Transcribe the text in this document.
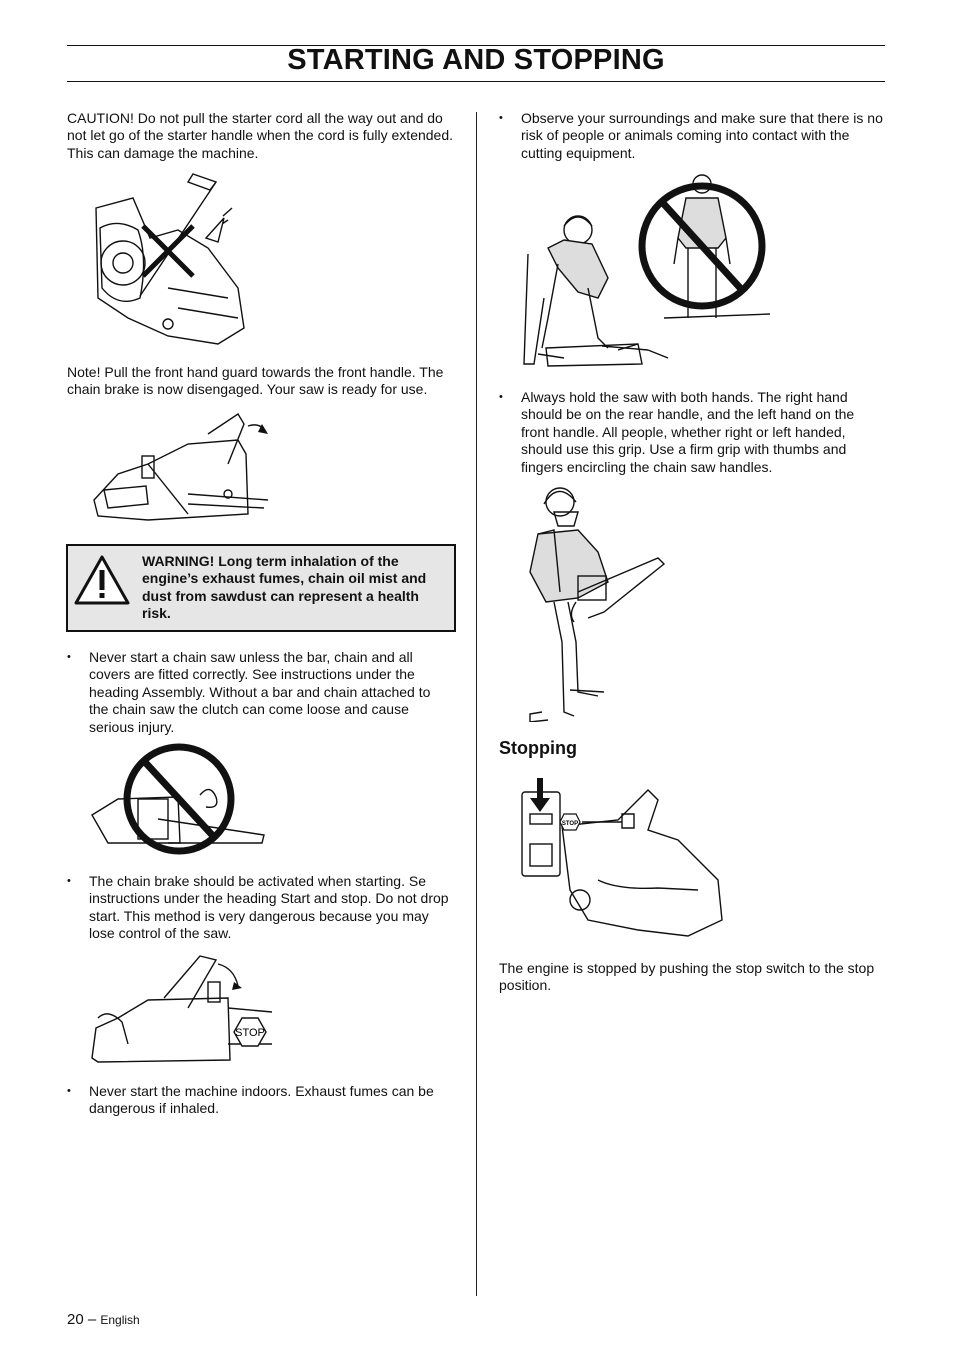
STARTING AND STOPPING

CAUTION! Do not pull the starter cord all the way out and do not let go of the starter handle when the cord is fully extended. This can damage the machine.

Note! Pull the front hand guard towards the front handle. The chain brake is now disengaged. Your saw is ready for use.

WARNING! Long term inhalation of the engine’s exhaust fumes, chain oil mist and dust from sawdust can represent a health risk.
• Never start a chain saw unless the bar, chain and all covers are fitted correctly. See instructions under the heading Assembly. Without a bar and chain attached to the chain saw the clutch can come loose and cause serious injury.
• The chain brake should be activated when starting. Se instructions under the heading Start and stop. Do not drop start. This method is very dangerous because you may lose control of the saw.
STOP
• Never start the machine indoors. Exhaust fumes can be dangerous if inhaled.
• Observe your surroundings and make sure that there is no risk of people or animals coming into contact with the cutting equipment.
• Always hold the saw with both hands. The right hand should be on the rear handle, and the left hand on the front handle. All people, whether right or left handed, should use this grip. Use a firm grip with thumbs and fingers encircling the chain saw handles.
Stopping
STOP

The engine is stopped by pushing the stop switch to the stop position.

20 – English
